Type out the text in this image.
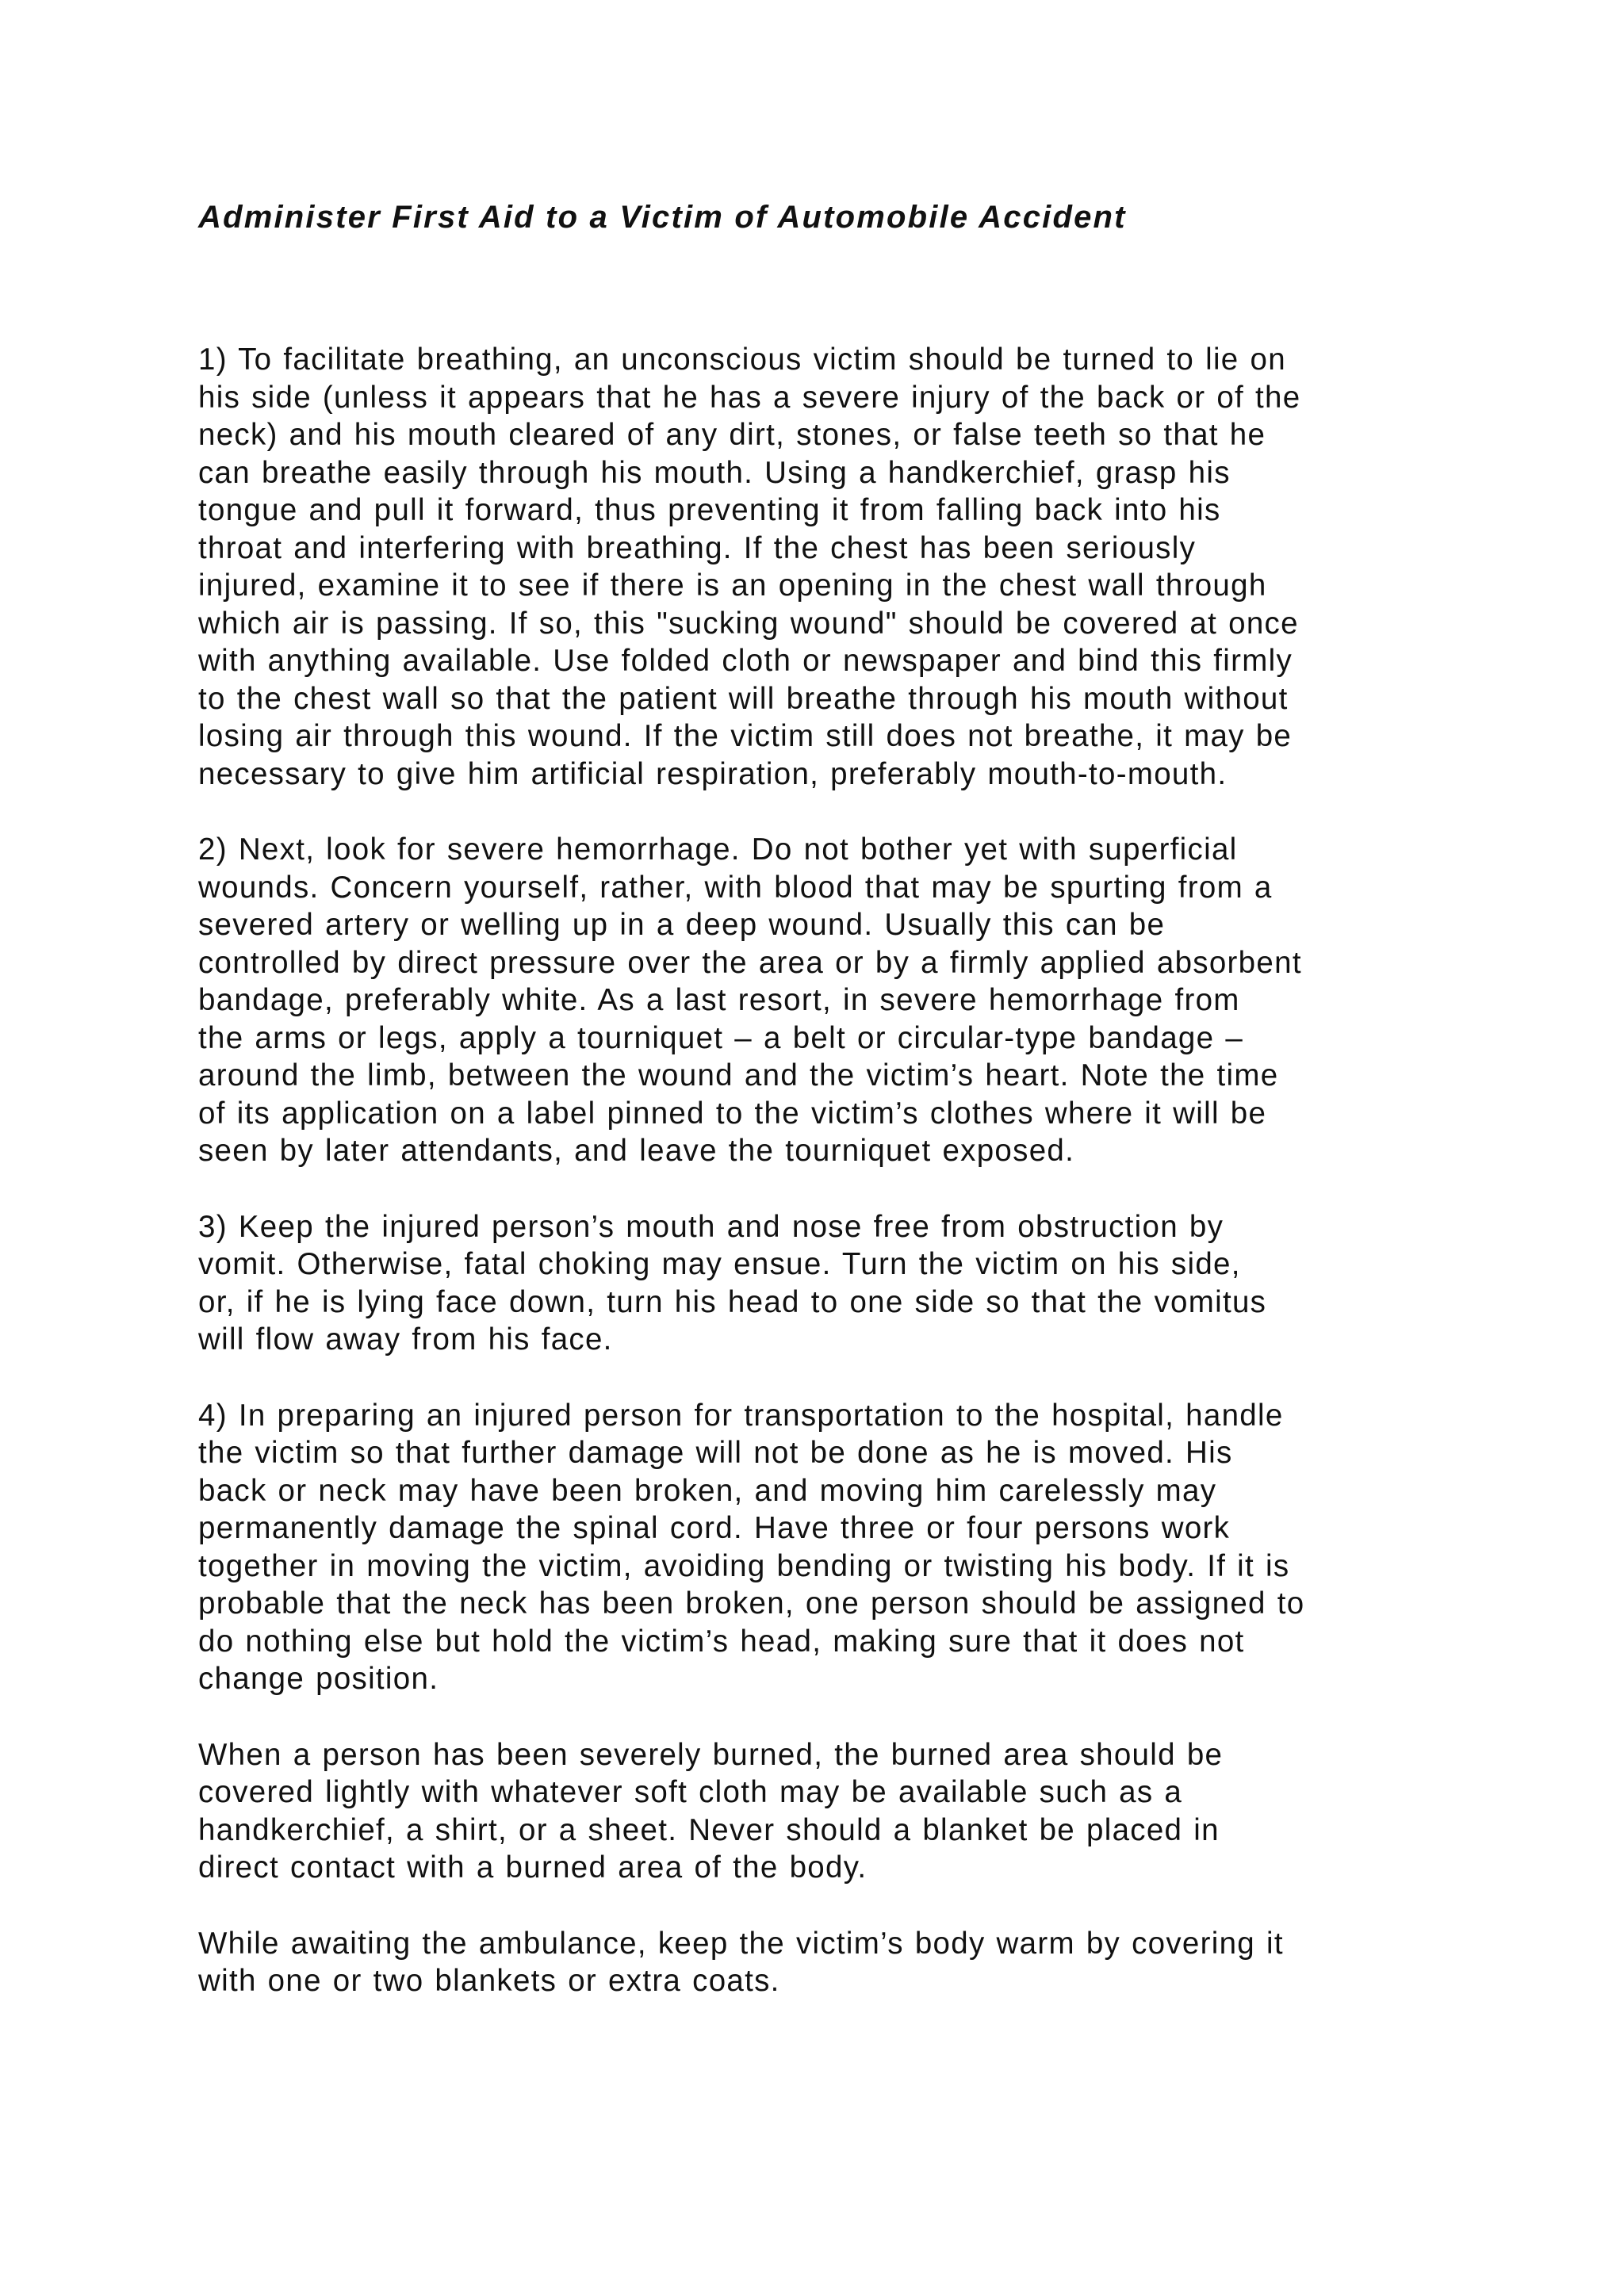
Administer First Aid to a Victim of Automobile Accident

1) To facilitate breathing, an unconscious victim should be turned to lie on
his side (unless it appears that he has a severe injury of the back or of the
neck) and his mouth cleared of any dirt, stones, or false teeth so that he
can breathe easily through his mouth. Using a handkerchief, grasp his
tongue and pull it forward, thus preventing it from falling back into his
throat and interfering with breathing. If the chest has been seriously
injured, examine it to see if there is an opening in the chest wall through
which air is passing. If so, this "sucking wound" should be covered at once
with anything available. Use folded cloth or newspaper and bind this firmly
to the chest wall so that the patient will breathe through his mouth without
losing air through this wound. If the victim still does not breathe, it may be
necessary to give him artificial respiration, preferably mouth-to-mouth.

2) Next, look for severe hemorrhage. Do not bother yet with superficial
wounds. Concern yourself, rather, with blood that may be spurting from a
severed artery or welling up in a deep wound. Usually this can be
controlled by direct pressure over the area or by a firmly applied absorbent
bandage, preferably white. As a last resort, in severe hemorrhage from
the arms or legs, apply a tourniquet – a belt or circular-type bandage –
around the limb, between the wound and the victim’s heart. Note the time
of its application on a label pinned to the victim’s clothes where it will be
seen by later attendants, and leave the tourniquet exposed.

3) Keep the injured person’s mouth and nose free from obstruction by
vomit. Otherwise, fatal choking may ensue. Turn the victim on his side,
or, if he is lying face down, turn his head to one side so that the vomitus
will flow away from his face.

4) In preparing an injured person for transportation to the hospital, handle
the victim so that further damage will not be done as he is moved. His
back or neck may have been broken, and moving him carelessly may
permanently damage the spinal cord. Have three or four persons work
together in moving the victim, avoiding bending or twisting his body. If it is
probable that the neck has been broken, one person should be assigned to
do nothing else but hold the victim’s head, making sure that it does not
change position.

When a person has been severely burned, the burned area should be
covered lightly with whatever soft cloth may be available such as a
handkerchief, a shirt, or a sheet. Never should a blanket be placed in
direct contact with a burned area of the body.

While awaiting the ambulance, keep the victim’s body warm by covering it
with one or two blankets or extra coats.
